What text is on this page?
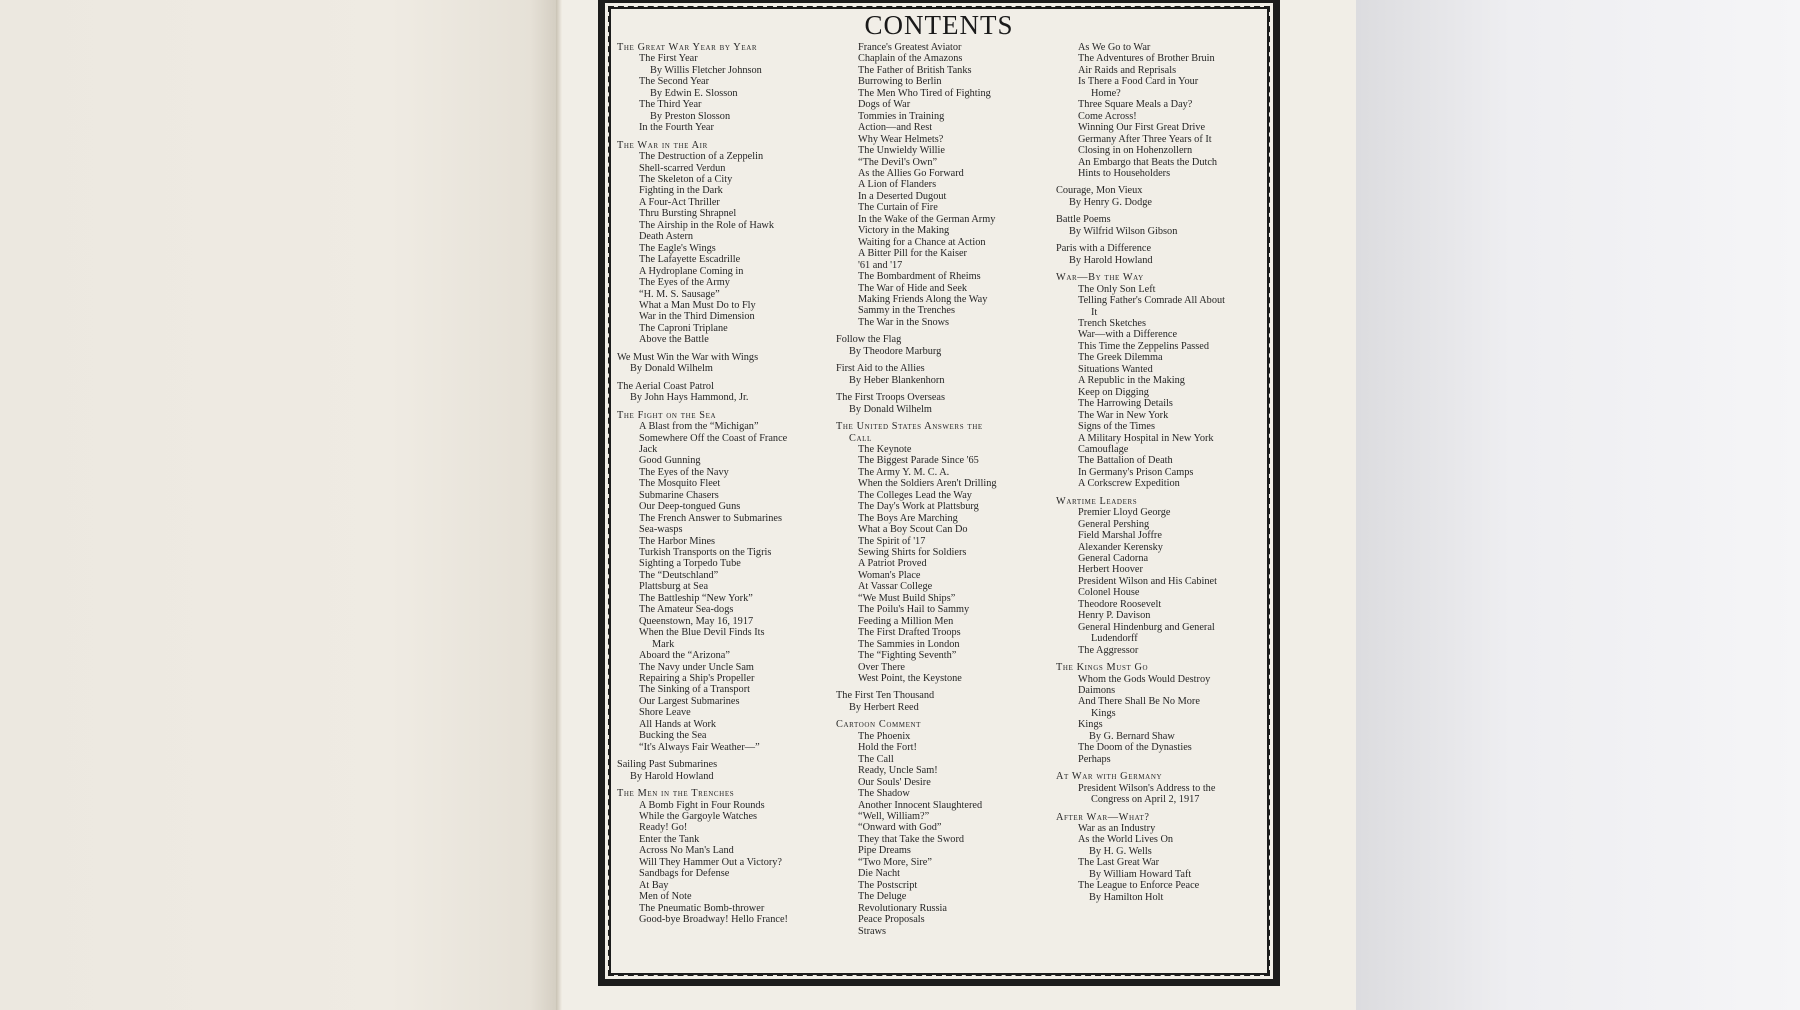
CONTENTS
The Great War Year by Year
The First Year
By Willis Fletcher Johnson
The Second Year
By Edwin E. Slosson
The Third Year
By Preston Slosson
In the Fourth Year
The War in the Air
The Destruction of a Zeppelin
Shell-scarred Verdun
The Skeleton of a City
Fighting in the Dark
A Four-Act Thriller
Thru Bursting Shrapnel
The Airship in the Role of Hawk
Death Astern
The Eagle's Wings
The Lafayette Escadrille
A Hydroplane Coming in
The Eyes of the Army
“H. M. S. Sausage”
What a Man Must Do to Fly
War in the Third Dimension
The Caproni Triplane
Above the Battle
We Must Win the War with Wings
By Donald Wilhelm
The Aerial Coast Patrol
By John Hays Hammond, Jr.
The Fight on the Sea
A Blast from the “Michigan”
Somewhere Off the Coast of France
Jack
Good Gunning
The Eyes of the Navy
The Mosquito Fleet
Submarine Chasers
Our Deep-tongued Guns
The French Answer to Submarines
Sea-wasps
The Harbor Mines
Turkish Transports on the Tigris
Sighting a Torpedo Tube
The “Deutschland”
Plattsburg at Sea
The Battleship “New York”
The Amateur Sea-dogs
Queenstown, May 16, 1917
When the Blue Devil Finds Its
Mark
Aboard the “Arizona”
The Navy under Uncle Sam
Repairing a Ship's Propeller
The Sinking of a Transport
Our Largest Submarines
Shore Leave
All Hands at Work
Bucking the Sea
“It's Always Fair Weather—”
Sailing Past Submarines
By Harold Howland
The Men in the Trenches
A Bomb Fight in Four Rounds
While the Gargoyle Watches
Ready! Go!
Enter the Tank
Across No Man's Land
Will They Hammer Out a Victory?
Sandbags for Defense
At Bay
Men of Note
The Pneumatic Bomb-thrower
Good-bye Broadway! Hello France!
France's Greatest Aviator
Chaplain of the Amazons
The Father of British Tanks
Burrowing to Berlin
The Men Who Tired of Fighting
Dogs of War
Tommies in Training
Action—and Rest
Why Wear Helmets?
The Unwieldy Willie
“The Devil's Own”
As the Allies Go Forward
A Lion of Flanders
In a Deserted Dugout
The Curtain of Fire
In the Wake of the German Army
Victory in the Making
Waiting for a Chance at Action
A Bitter Pill for the Kaiser
'61 and '17
The Bombardment of Rheims
The War of Hide and Seek
Making Friends Along the Way
Sammy in the Trenches
The War in the Snows
Follow the Flag
By Theodore Marburg
First Aid to the Allies
By Heber Blankenhorn
The First Troops Overseas
By Donald Wilhelm
The United States Answers the
Call
The Keynote
The Biggest Parade Since '65
The Army Y. M. C. A.
When the Soldiers Aren't Drilling
The Colleges Lead the Way
The Day's Work at Plattsburg
The Boys Are Marching
What a Boy Scout Can Do
The Spirit of '17
Sewing Shirts for Soldiers
A Patriot Proved
Woman's Place
At Vassar College
“We Must Build Ships”
The Poilu's Hail to Sammy
Feeding a Million Men
The First Drafted Troops
The Sammies in London
The “Fighting Seventh”
Over There
West Point, the Keystone
The First Ten Thousand
By Herbert Reed
Cartoon Comment
The Phoenix
Hold the Fort!
The Call
Ready, Uncle Sam!
Our Souls' Desire
The Shadow
Another Innocent Slaughtered
“Well, William?”
“Onward with God”
They that Take the Sword
Pipe Dreams
“Two More, Sire”
Die Nacht
The Postscript
The Deluge
Revolutionary Russia
Peace Proposals
Straws
As We Go to War
The Adventures of Brother Bruin
Air Raids and Reprisals
Is There a Food Card in Your
Home?
Three Square Meals a Day?
Come Across!
Winning Our First Great Drive
Germany After Three Years of It
Closing in on Hohenzollern
An Embargo that Beats the Dutch
Hints to Householders
Courage, Mon Vieux
By Henry G. Dodge
Battle Poems
By Wilfrid Wilson Gibson
Paris with a Difference
By Harold Howland
War—By the Way
The Only Son Left
Telling Father's Comrade All About
It
Trench Sketches
War—with a Difference
This Time the Zeppelins Passed
The Greek Dilemma
Situations Wanted
A Republic in the Making
Keep on Digging
The Harrowing Details
The War in New York
Signs of the Times
A Military Hospital in New York
Camouflage
The Battalion of Death
In Germany's Prison Camps
A Corkscrew Expedition
Wartime Leaders
Premier Lloyd George
General Pershing
Field Marshal Joffre
Alexander Kerensky
General Cadorna
Herbert Hoover
President Wilson and His Cabinet
Colonel House
Theodore Roosevelt
Henry P. Davison
General Hindenburg and General
Ludendorff
The Aggressor
The Kings Must Go
Whom the Gods Would Destroy
Daimons
And There Shall Be No More
Kings
Kings
By G. Bernard Shaw
The Doom of the Dynasties
Perhaps
At War with Germany
President Wilson's Address to the
Congress on April 2, 1917
After War—What?
War as an Industry
As the World Lives On
By H. G. Wells
The Last Great War
By William Howard Taft
The League to Enforce Peace
By Hamilton Holt
